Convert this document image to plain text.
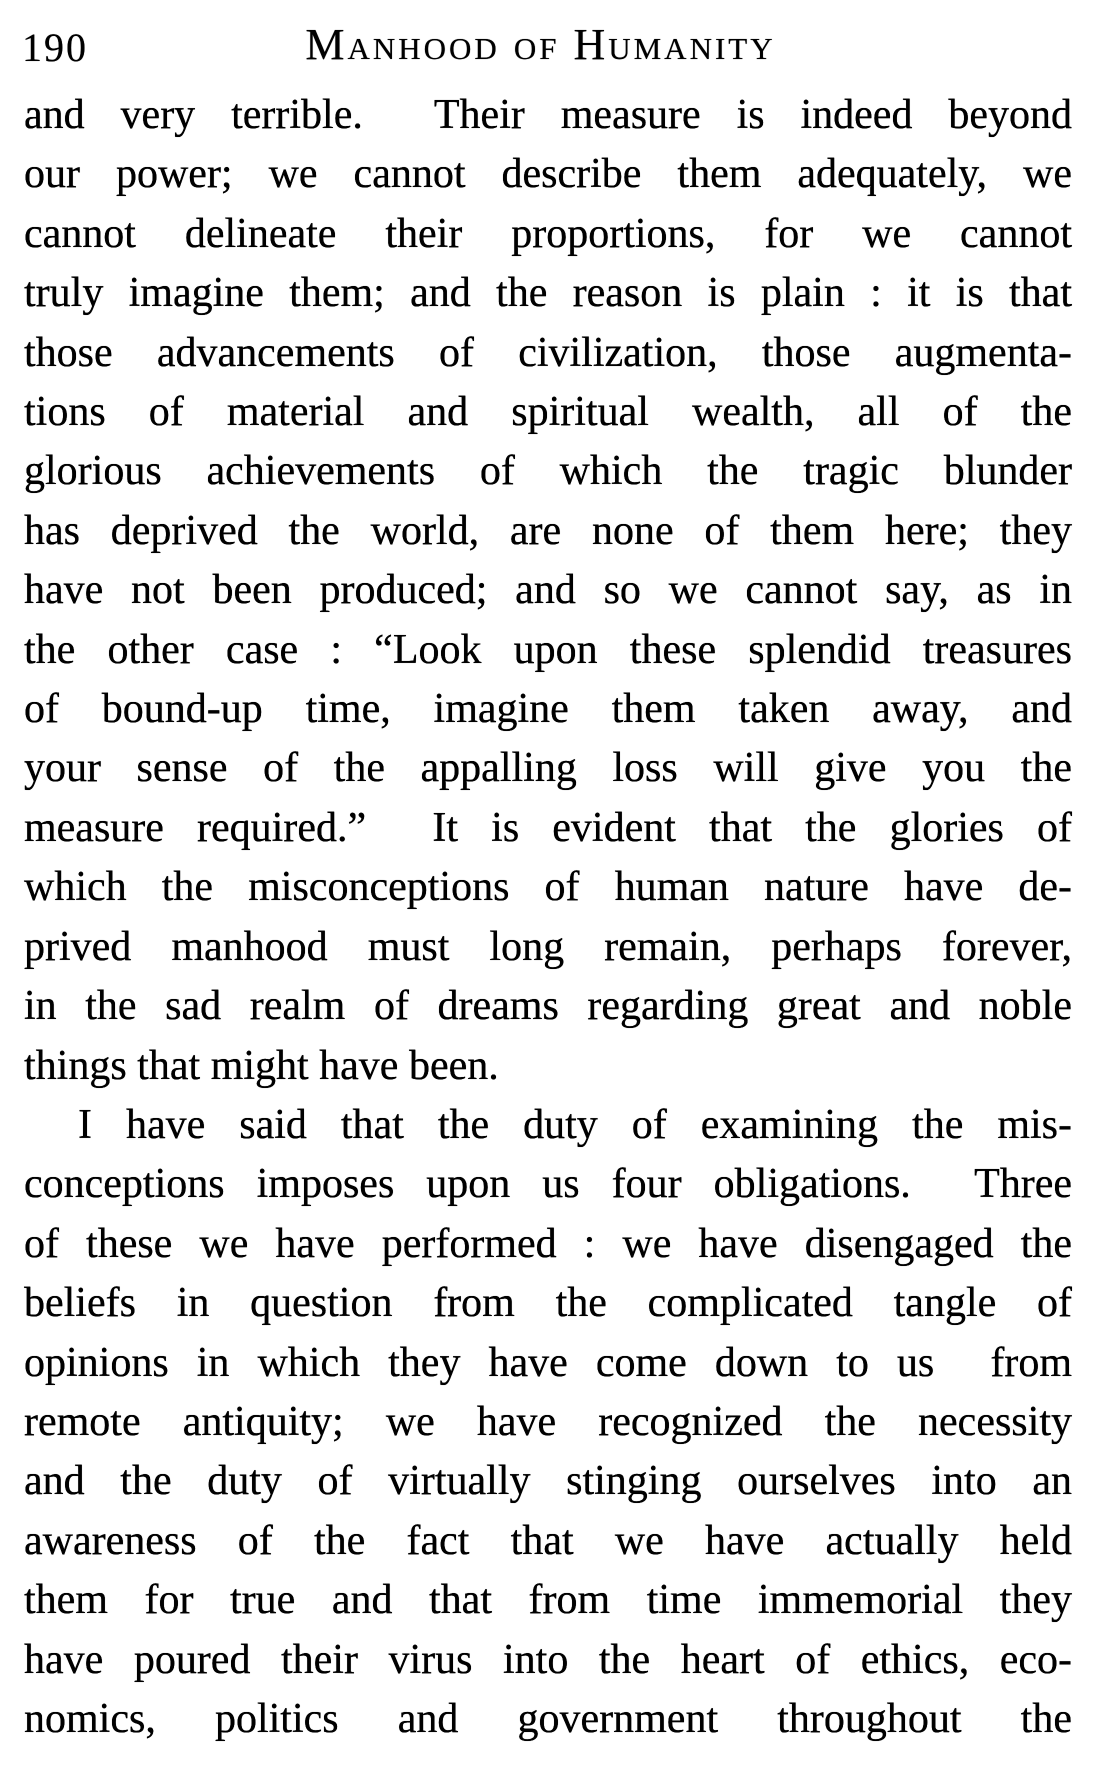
190	Manhood of Humanity
and very terrible.  Their measure is indeed beyond
our power; we cannot describe them adequately, we
cannot delineate their proportions, for we cannot
truly imagine them; and the reason is plain : it is that
those advancements of civilization, those augmenta-
tions of material and spiritual wealth, all of the
glorious achievements of which the tragic blunder
has deprived the world, are none of them here; they
have not been produced; and so we cannot say, as in
the other case : “Look upon these splendid treasures
of bound-up time, imagine them taken away, and
your sense of the appalling loss will give you the
measure required.”  It is evident that the glories of
which the misconceptions of human nature have de-
prived manhood must long remain, perhaps forever,
in the sad realm of dreams regarding great and noble
things that might have been.
I have said that the duty of examining the mis-
conceptions imposes upon us four obligations.  Three
of these we have performed : we have disengaged the
beliefs in question from the complicated tangle of
opinions in which they have come down to us  from
remote antiquity; we have recognized the necessity
and the duty of virtually stinging ourselves into an
awareness of the fact that we have actually held
them for true and that from time immemorial they
have poured their virus into the heart of ethics, eco-
nomics, politics and government throughout the
